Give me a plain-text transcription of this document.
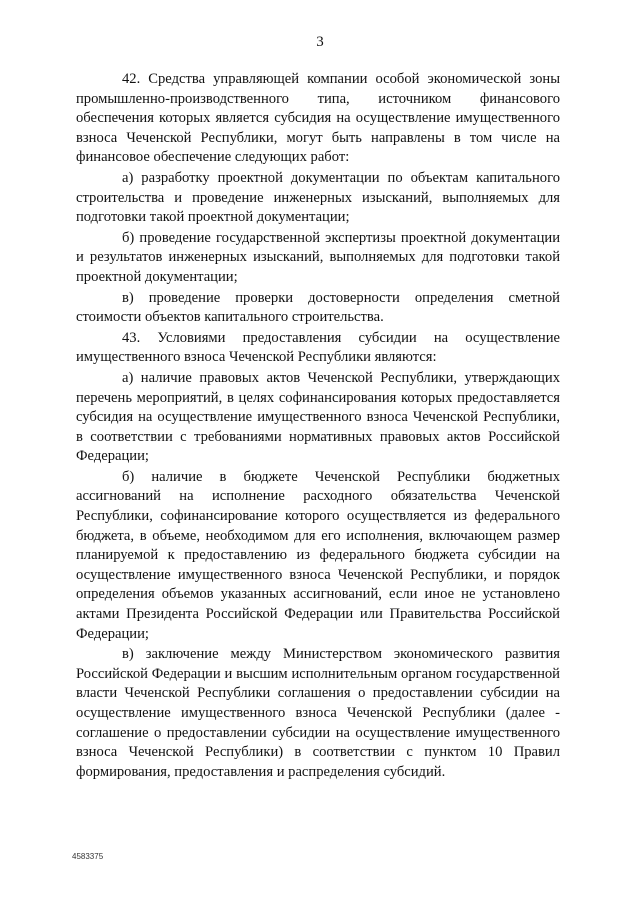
3

42. Средства управляющей компании особой экономической зоны промышленно-производственного типа, источником финансового обеспечения которых является субсидия на осуществление имущественного взноса Чеченской Республики, могут быть направлены в том числе на финансовое обеспечение следующих работ:

а) разработку проектной документации по объектам капитального строительства и проведение инженерных изысканий, выполняемых для подготовки такой проектной документации;

б) проведение государственной экспертизы проектной документации и результатов инженерных изысканий, выполняемых для подготовки такой проектной документации;

в) проведение проверки достоверности определения сметной стоимости объектов капитального строительства.

43. Условиями предоставления субсидии на осуществление имущественного взноса Чеченской Республики являются:

а) наличие правовых актов Чеченской Республики, утверждающих перечень мероприятий, в целях софинансирования которых предоставляется субсидия на осуществление имущественного взноса Чеченской Республики, в соответствии с требованиями нормативных правовых актов Российской Федерации;

б) наличие в бюджете Чеченской Республики бюджетных ассигнований на исполнение расходного обязательства Чеченской Республики, софинансирование которого осуществляется из федерального бюджета, в объеме, необходимом для его исполнения, включающем размер планируемой к предоставлению из федерального бюджета субсидии на осуществление имущественного взноса Чеченской Республики, и порядок определения объемов указанных ассигнований, если иное не установлено актами Президента Российской Федерации или Правительства Российской Федерации;

в) заключение между Министерством экономического развития Российской Федерации и высшим исполнительным органом государственной власти Чеченской Республики соглашения о предоставлении субсидии на осуществление имущественного взноса Чеченской Республики (далее - соглашение о предоставлении субсидии на осуществление имущественного взноса Чеченской Республики) в соответствии с пунктом 10 Правил формирования, предоставления и распределения субсидий.

4583375
